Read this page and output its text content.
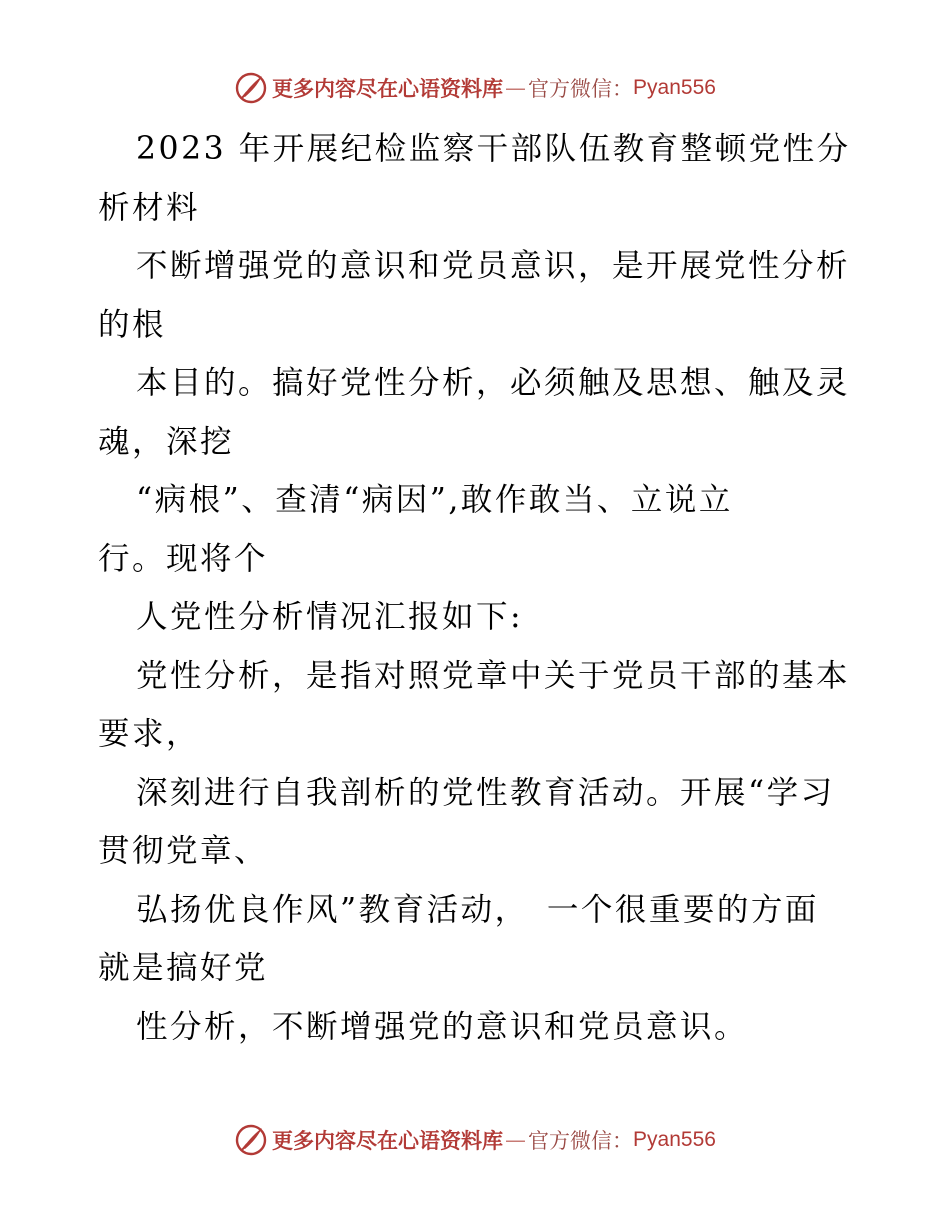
更多内容尽在心语资料库 — 官方微信： Pyan556
2023 年开展纪检监察干部队伍教育整顿党性分
析材料
不断增强党的意识和党员意识，是开展党性分析
的根
本目的。搞好党性分析，必须触及思想、触及灵
魂，深挖
“病根”、查清“病因”,敢作敢当、立说立
行。现将个
人党性分析情况汇报如下:
党性分析，是指对照党章中关于党员干部的基本
要求，
深刻进行自我剖析的党性教育活动。开展“学习
贯彻党章、
弘扬优良作风”教育活动，　一个很重要的方面
就是搞好党
性分析，不断增强党的意识和党员意识。
更多内容尽在心语资料库 — 官方微信： Pyan556
